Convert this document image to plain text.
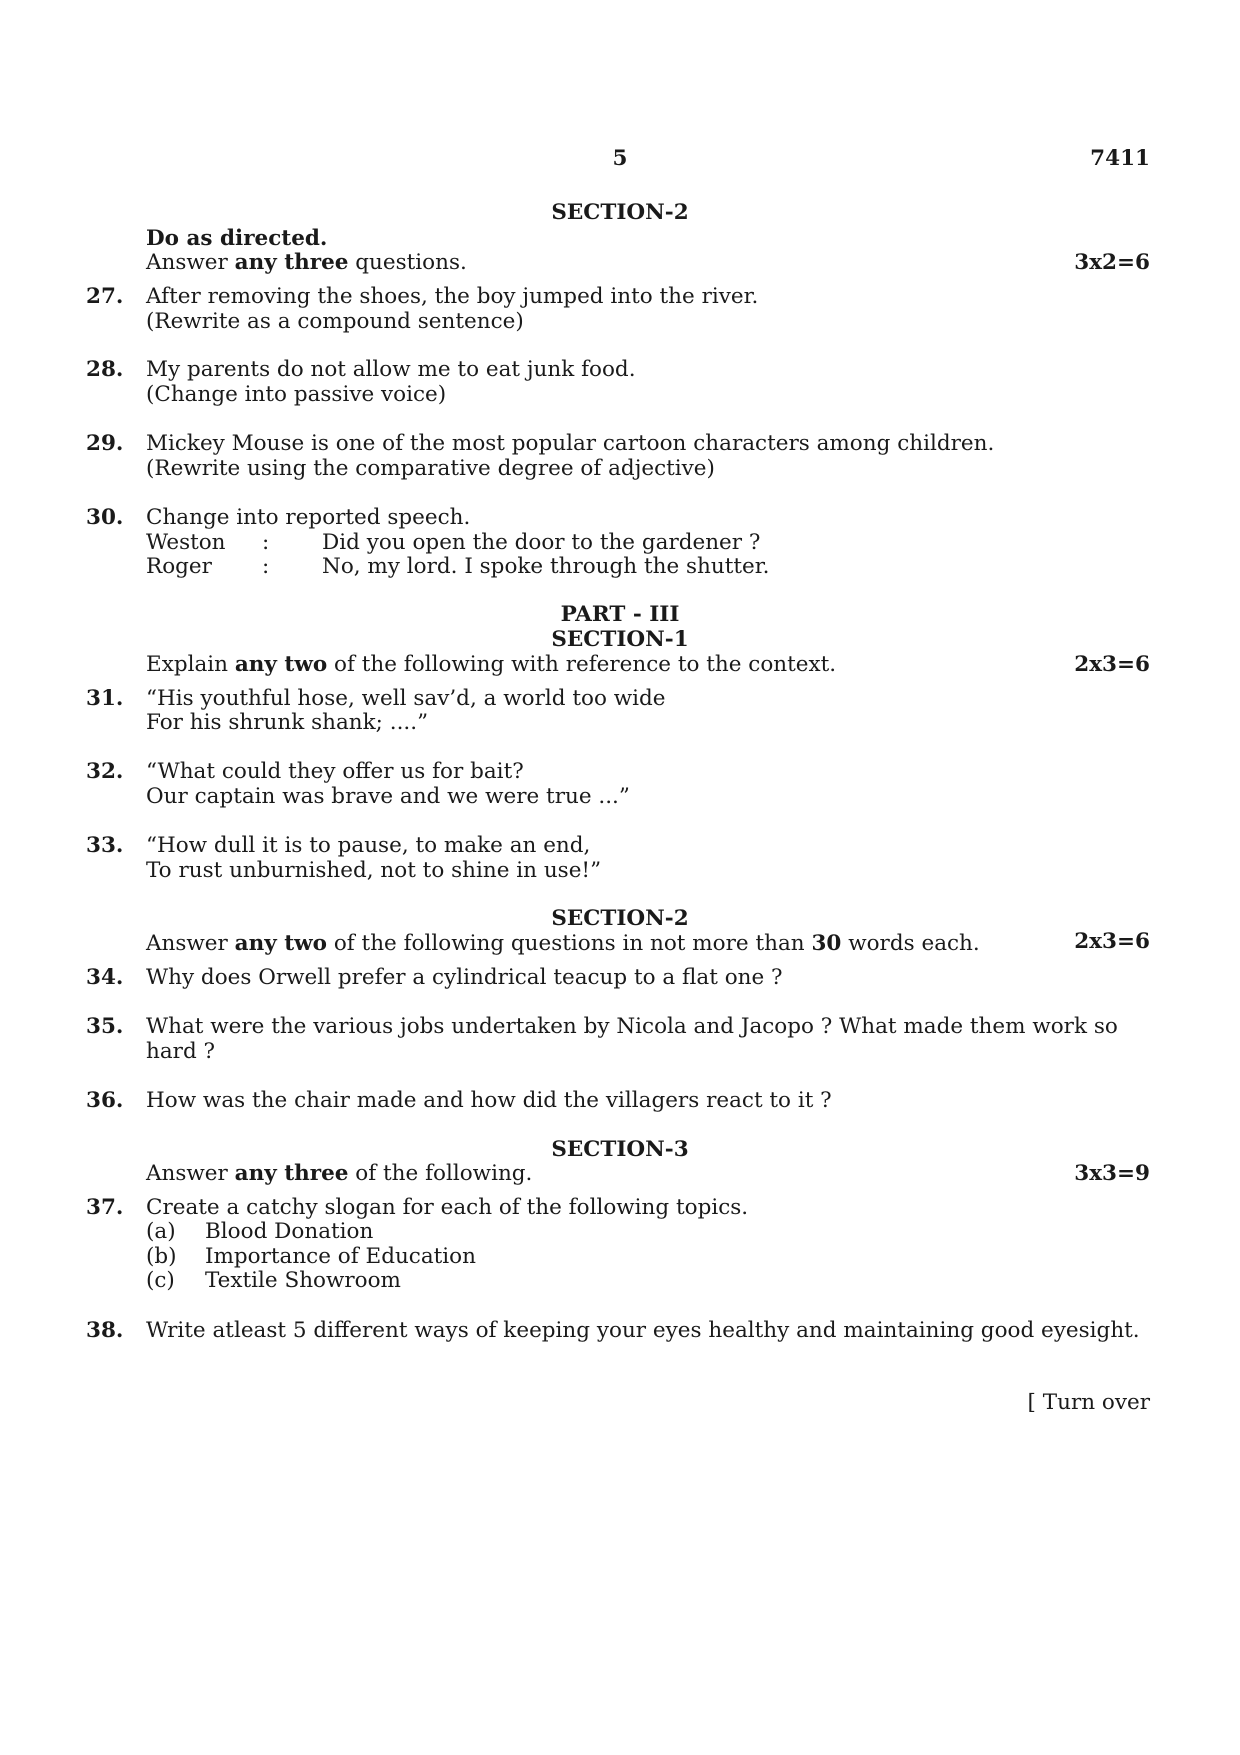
5	7411
SECTION-2
Do as directed.
Answer any three questions.	3x2=6
27. After removing the shoes, the boy jumped into the river.
(Rewrite as a compound sentence)
28. My parents do not allow me to eat junk food.
(Change into passive voice)
29. Mickey Mouse is one of the most popular cartoon characters among children.
(Rewrite using the comparative degree of adjective)
30. Change into reported speech.
Weston : Did you open the door to the gardener ?
Roger : No, my lord. I spoke through the shutter.
PART - III
SECTION-1
Explain any two of the following with reference to the context.	2x3=6
31. “His youthful hose, well sav’d, a world too wide
For his shrunk shank; ....”
32. “What could they offer us for bait?
Our captain was brave and we were true ...”
33. “How dull it is to pause, to make an end,
To rust unburnished, not to shine in use!”
SECTION-2
Answer any two of the following questions in not more than 30 words each.	2x3=6
34. Why does Orwell prefer a cylindrical teacup to a flat one ?
35. What were the various jobs undertaken by Nicola and Jacopo ? What made them work so
hard ?
36. How was the chair made and how did the villagers react to it ?
SECTION-3
Answer any three of the following.	3x3=9
37. Create a catchy slogan for each of the following topics.
(a) Blood Donation
(b) Importance of Education
(c) Textile Showroom
38. Write atleast 5 different ways of keeping your eyes healthy and maintaining good eyesight.
[ Turn over
